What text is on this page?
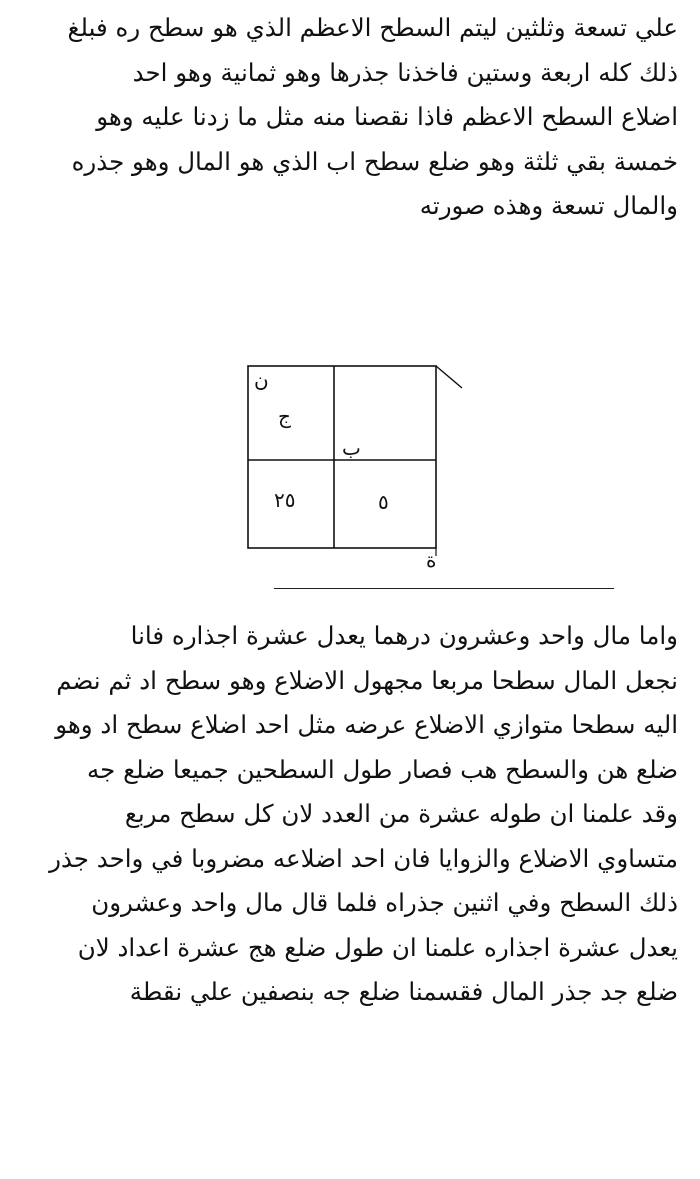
علي تسعة وثلثين ليتم السطح الاعظم الذي هو سطح ره فبلغ
ذلك كله اربعة وستين فاخذنا جذرها وهو ثمانية وهو احد
اضلاع السطح الاعظم فاذا نقصنا منه مثل ما زدنا عليه وهو
خمسة بقي ثلثة وهو ضلع سطح اب الذي هو المال وهو جذره
والمال تسعة وهذه صورته
ن
ج
ب
٢٥	٥
ة
واما مال واحد وعشرون درهما يعدل عشرة اجذاره فانا
نجعل المال سطحا مربعا مجهول الاضلاع وهو سطح اد ثم نضم
اليه سطحا متوازي الاضلاع عرضه مثل احد اضلاع سطح اد وهو
ضلع هن والسطح هب فصار طول السطحين جميعا ضلع جه
وقد علمنا ان طوله عشرة من العدد لان كل سطح مربع
متساوي الاضلاع والزوايا فان احد اضلاعه مضروبا في واحد جذر
ذلك السطح وفي اثنين جذراه فلما قال مال واحد وعشرون
يعدل عشرة اجذاره علمنا ان طول ضلع هج عشرة اعداد لان
ضلع جد جذر المال فقسمنا ضلع جه بنصفين علي نقطة
